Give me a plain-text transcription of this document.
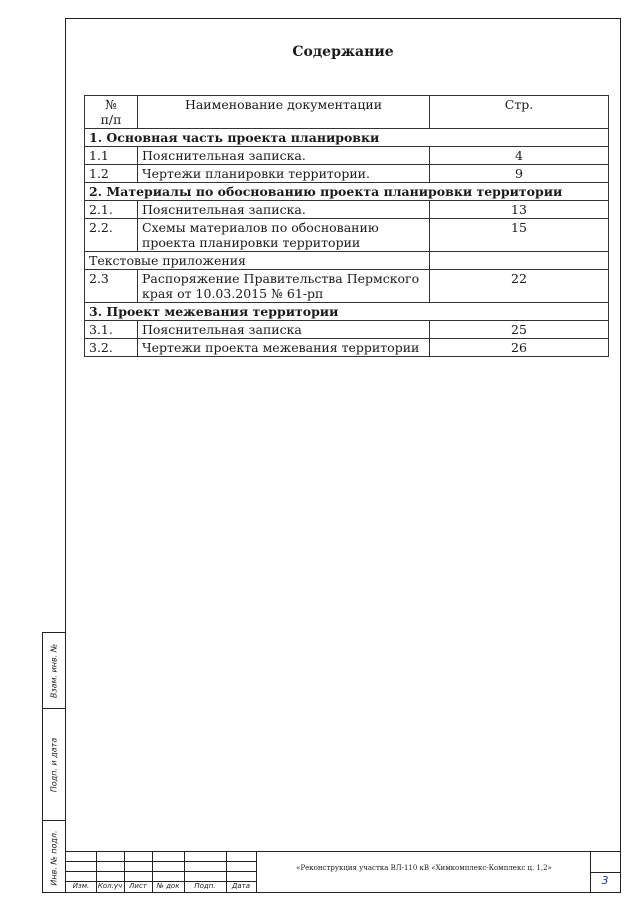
Содержание
№
п/п	Наименование документации	Стр.
1. Основная часть проекта планировки		
1.1	Пояснительная записка.	4
1.2	Чертежи планировки территории.	9
2. Материалы по обоснованию проекта планировки территории		
2.1.	Пояснительная записка.	13
2.2.	Схемы материалов по обоснованию проекта планировки территории	15
Текстовые приложения		
2.3	Распоряжение Правительства Пермского края от 10.03.2015 № 61-рп	22
3. Проект межевания территории		
3.1.	Пояснительная записка	25
3.2.	Чертежи проекта межевания территории	26
Изм.	Кол.уч	Лист	№ док	Подп.	Дата
«Реконструкция участка ВЛ-110 кВ «Химкомплекс-Комплекс ц. 1,2»
3
Взам. инв. №
Подп. и дата
Инв. № подл.
